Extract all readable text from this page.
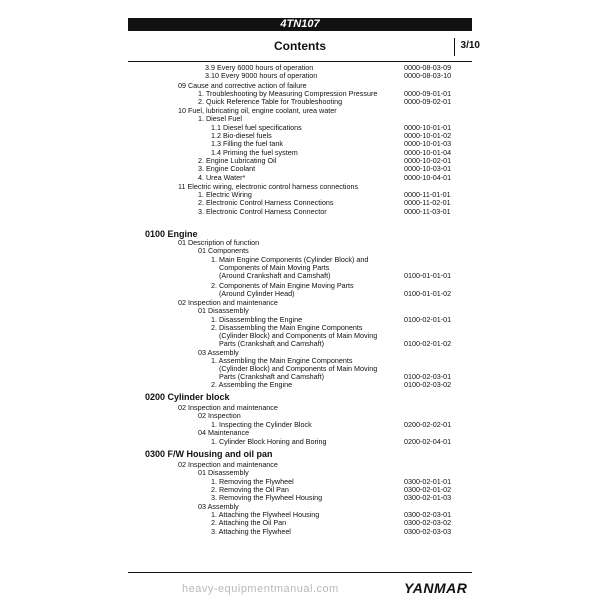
4TN107
Contents	3/10
3.9 Every 6000 hours of operation	0000-08-03-09
3.10 Every 9000 hours of operation	0000-08-03-10
09 Cause and corrective action of failure
1. Troubleshooting by Measuring Compression Pressure	0000-09-01-01
2. Quick Reference Table for Troubleshooting	0000-09-02-01
10 Fuel, lubricating oil, engine coolant, urea water
1. Diesel Fuel
1.1 Diesel fuel specifications	0000-10-01-01
1.2 Bio-diesel fuels	0000-10-01-02
1.3 Filling the fuel tank	0000-10-01-03
1.4 Priming the fuel system	0000-10-01-04
2. Engine Lubricating Oil	0000-10-02-01
3. Engine Coolant	0000-10-03-01
4. Urea Water*	0000-10-04-01
11 Electric wiring, electronic control harness connections
1. Electric Wiring	0000-11-01-01
2. Electronic Control Harness Connections	0000-11-02-01
3. Electronic Control Harness Connector	0000-11-03-01
01 Description of function
01 Components
1. Main Engine Components (Cylinder Block) and
Components of Main Moving Parts
(Around Crankshaft and Camshaft)	0100-01-01-01
2. Components of Main Engine Moving Parts
(Around Cylinder Head)	0100-01-01-02
02 Inspection and maintenance
01 Disassembly
1. Disassembling the Engine	0100-02-01-01
2. Disassembling the Main Engine Components
(Cylinder Block) and Components of Main Moving
Parts (Crankshaft and Camshaft)	0100-02-01-02
03 Assembly
1. Assembling the Main Engine Components
(Cylinder Block) and Components of Main Moving
Parts (Crankshaft and Camshaft)	0100-02-03-01
2. Assembling the Engine	0100-02-03-02
02 Inspection and maintenance
02 Inspection
1. Inspecting the Cylinder Block	0200-02-02-01
04 Maintenance
1. Cylinder Block Honing and Boring	0200-02-04-01
02 Inspection and maintenance
01 Disassembly
1. Removing the Flywheel	0300-02-01-01
2. Removing the Oil Pan	0300-02-01-02
3. Removing the Flywheel Housing	0300-02-01-03
03 Assembly
1. Attaching the Flywheel Housing	0300-02-03-01
2. Attaching the Oil Pan	0300-02-03-02
3. Attaching the Flywheel	0300-02-03-03
0100 Engine
0200 Cylinder block
0300 F/W Housing and oil pan
heavy-equipmentmanual.com	YANMAR
